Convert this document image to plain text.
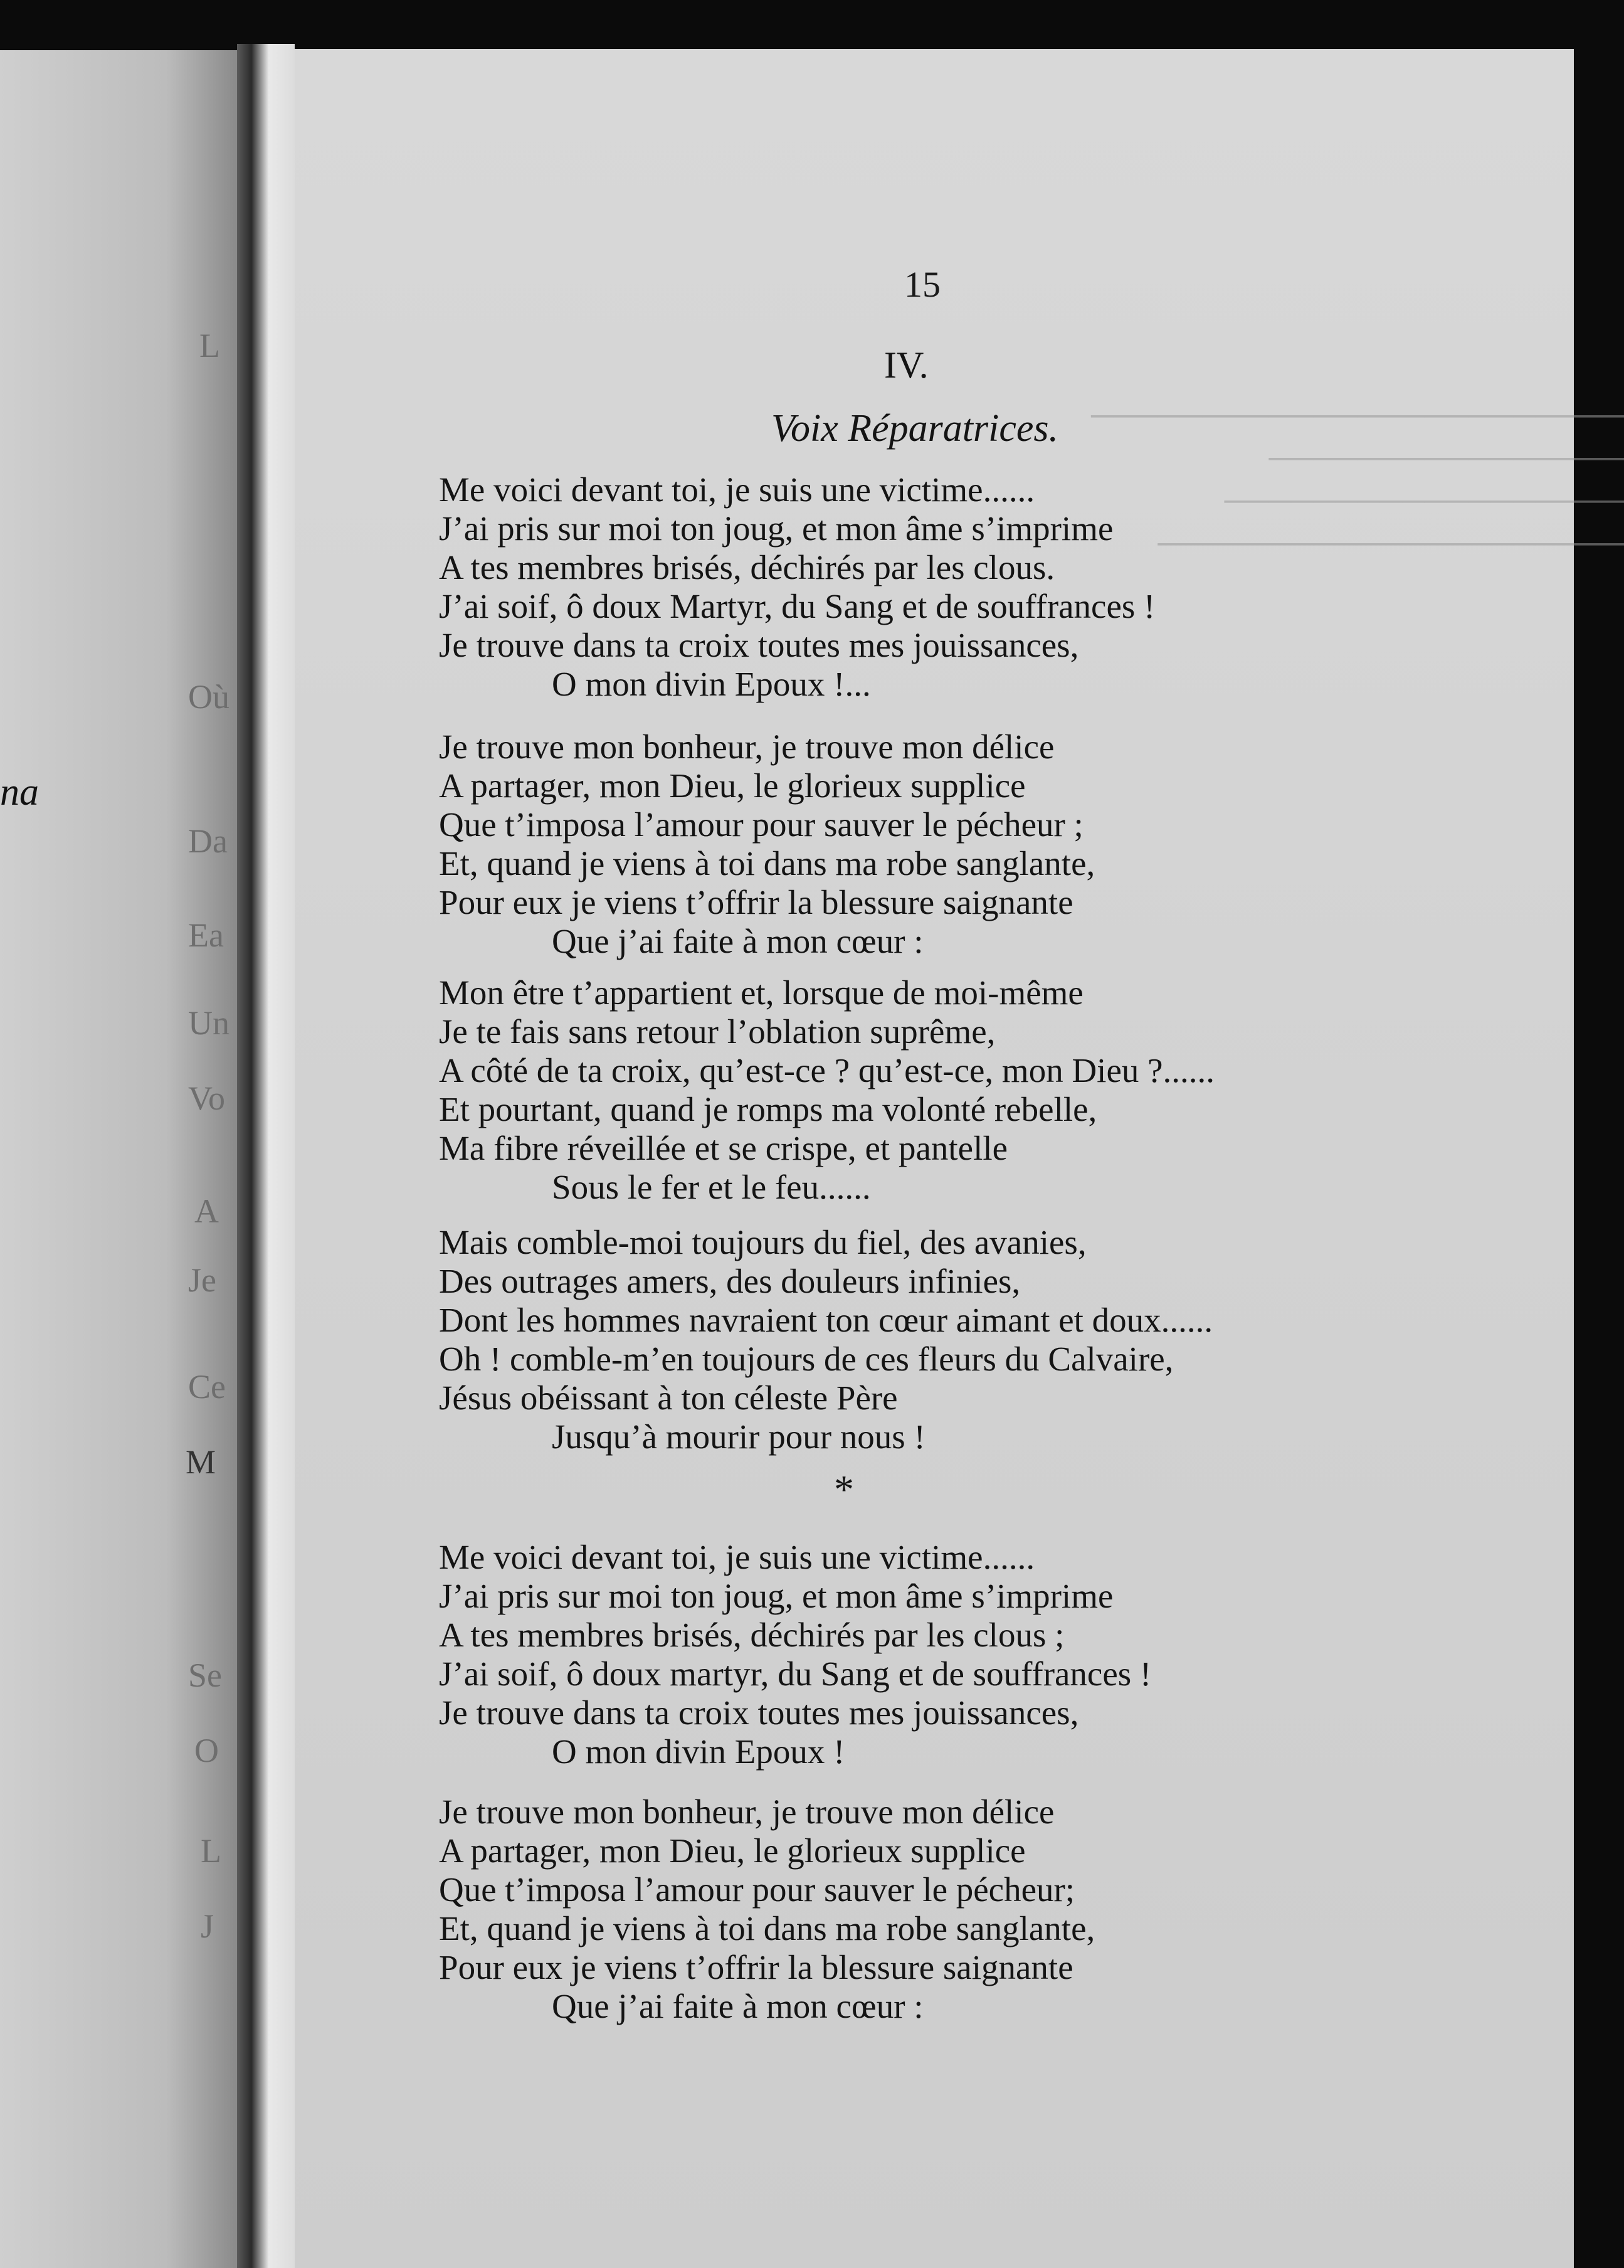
L
Où
na
Da
Ea
Un
Vo
A
Je
Ce
M
Se
O
L
J

────────────────────────
────────────────
──────────────────
─────────────────────
15
IV.
Voix Réparatrices.
Me voici devant toi, je suis une victime......
J’ai pris sur moi ton joug, et mon âme s’imprime
A tes membres brisés, déchirés par les clous.
J’ai soif, ô doux Martyr, du Sang et de souffrances !
Je trouve dans ta croix toutes mes jouissances,
O mon divin Epoux !...
Je trouve mon bonheur, je trouve mon délice
A partager, mon Dieu, le glorieux supplice
Que t’imposa l’amour pour sauver le pécheur ;
Et, quand je viens à toi dans ma robe sanglante,
Pour eux je viens t’offrir la blessure saignante
Que j’ai faite à mon cœur :
Mon être t’appartient et, lorsque de moi-même
Je te fais sans retour l’oblation suprême,
A côté de ta croix, qu’est-ce ? qu’est-ce, mon Dieu ?......
Et pourtant, quand je romps ma volonté rebelle,
Ma fibre réveillée et se crispe, et pantelle
Sous le fer et le feu......
Mais comble-moi toujours du fiel, des avanies,
Des outrages amers, des douleurs infinies,
Dont les hommes navraient ton cœur aimant et doux......
Oh ! comble-m’en toujours de ces fleurs du Calvaire,
Jésus obéissant à ton céleste Père
Jusqu’à mourir pour nous !
*
Me voici devant toi, je suis une victime......
J’ai pris sur moi ton joug, et mon âme s’imprime
A tes membres brisés, déchirés par les clous ;
J’ai soif, ô doux martyr, du Sang et de souffrances !
Je trouve dans ta croix toutes mes jouissances,
O mon divin Epoux !
Je trouve mon bonheur, je trouve mon délice
A partager, mon Dieu, le glorieux supplice
Que t’imposa l’amour pour sauver le pécheur;
Et, quand je viens à toi dans ma robe sanglante,
Pour eux je viens t’offrir la blessure saignante
Que j’ai faite à mon cœur :
